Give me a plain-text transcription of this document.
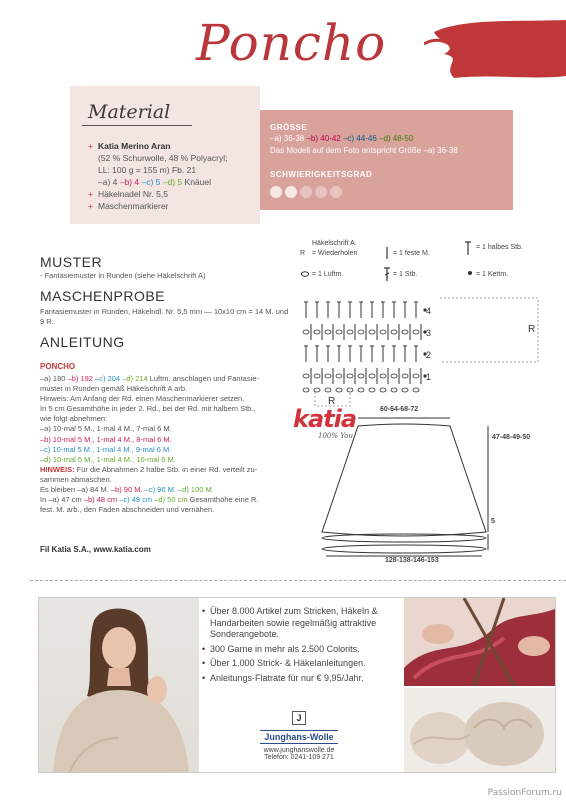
Poncho
Material
+ Katia Merino Aran
(52 % Schurwolle, 48 % Polyacryl;
LL: 100 g = 155 m) Fb. 21
–a) 4 –b) 4 –c) 5 –d) 5 Knäuel
+ Häkelnadel Nr. 5,5
+ Maschenmarkierer
GRÖSSE
–a) 36-38 –b) 40-42 –c) 44-46 –d) 48-50
Das Modell auf dem Foto entspricht Größe –a) 36-38
SCHWIERIGKEITSGRAD
MUSTER
- Fantasiemuster in Runden (siehe Häkelschrift A)
MASCHENPROBE
Fantasiemuster in Runden, Häkelndl. Nr. 5,5 mm — 10x10 cm = 14 M. und 9 R.
ANLEITUNG
PONCHO
–a) 180 –b) 192 –c) 204 –d) 214 Luftm. anschlagen und Fantasie-
muster in Runden gemäß Häkelschrift A arb.
Hinweis: Am Anfang der Rd. einen Maschenmarkierer setzen.
In 5 cm Gesamthöhe in jeder 2. Rd., bei der Rd. mit halbem Stb.,
wie folgt abnehmen:
–a) 10-mal 5 M., 1-mal 4 M., 7-mal 6 M.
–b) 10-mal 5 M., 1-mal 4 M., 8-mal 6 M.
–c) 10-mal 5 M., 1-mal 4 M., 9-mal 6 M.
–d) 10-mal 5 M., 1-mal 4 M., 10-mal 6 M.
HINWEIS: Für die Abnahmen 2 halbe Stb. in einer Rd. verteilt zu-
sammen abmaschen.
Es bleiben –a) 84 M. –b) 90 M. –c) 96 M. –d) 100 M.
In –a) 47 cm –b) 48 cm –c) 49 cm –d) 50 cm Gesamthöhe eine R.
fest. M. arb., den Faden abschneiden und vernähen.
Fil Katia S.A., www.katia.com
Häkelschrift A
R = Wiederholen	= 1 feste M.
= 1 halbes Stb.
= 1 Luftm.	= 1 Stb.	= 1 Kettm.
4
3
2
1
R
R
60-64-68-72
47-48-49-50
5
128-138-146-153
katia
100% You
• Über 8.000 Artikel zum Stricken, Häkeln & Handarbeiten sowie regelmäßig attraktive Sonderangebote.
• 300 Garne in mehr als 2.500 Colorits.
• Über 1.000 Strick- & Häkelanleitungen.
• Anleitungs-Flatrate für nur € 9,95/Jahr.
J
Junghans-Wolle
www.junghanswolle.de
Telefon: 0241-109 271
PassionForum.ru
